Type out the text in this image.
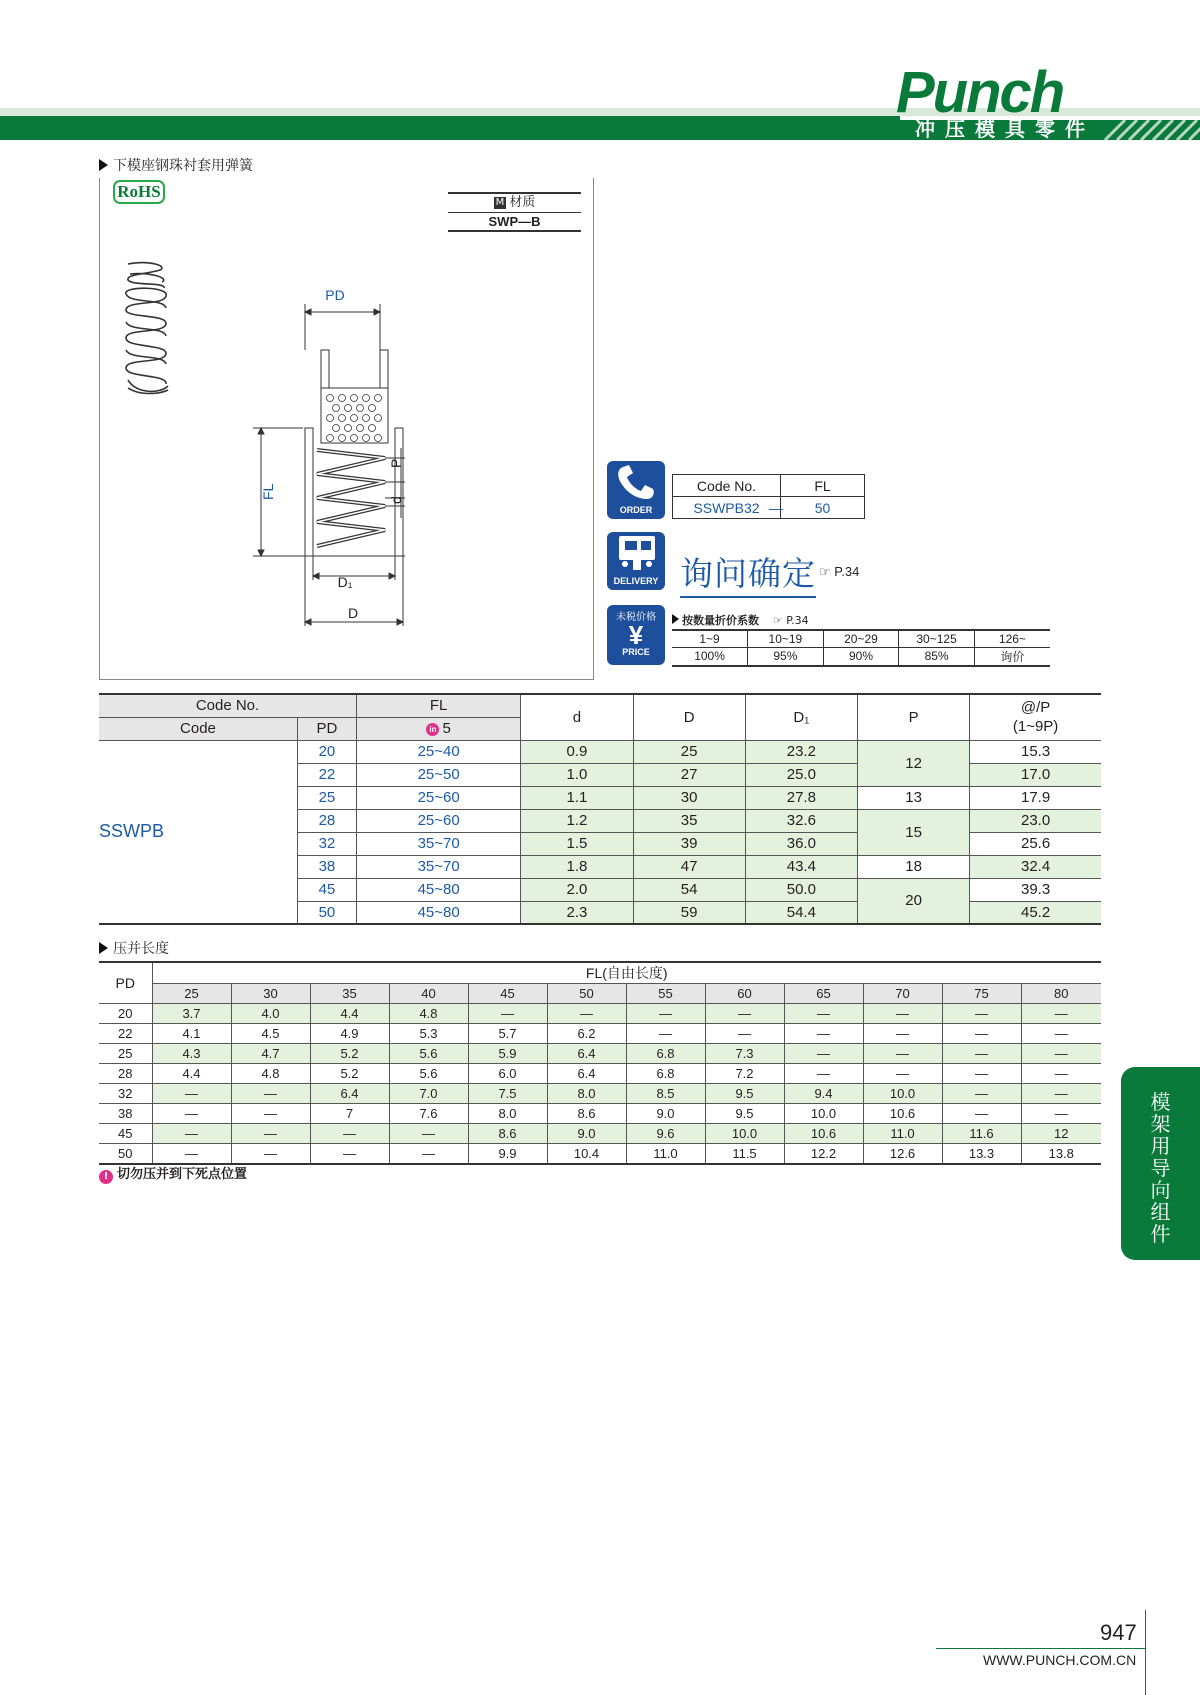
Punch
冲压模具零件
下模座钢珠衬套用弹簧
RoHS
M 材质
SWP—B
PD
FL
P
d
D₁
D
ORDER
Code No.	FL
SSWPB32	— 50
DELIVERY 询问确定 ☞ P.34
未税价格
¥
PRICE
按数量折价系数 ☞ P.34
1~9	10~19	20~29	30~125	126~
100%	95%	90%	85%	询价
Code No.		FL	d	D	D₁	P	@/P
(1~9P)
Code	PD	in 5					
SSWPB	20	25~40	0.9	25	23.2	12	15.3
	22	25~50	1.0	27	25.0		17.0
	25	25~60	1.1	30	27.8	13	17.9
	28	25~60	1.2	35	32.6	15	23.0
	32	35~70	1.5	39	36.0		25.6
	38	35~70	1.8	47	43.4	18	32.4
	45	45~80	2.0	54	50.0	20	39.3
	50	45~80	2.3	59	54.4		45.2
压并长度
PD	FL(自由长度)											
	25	30	35	40	45	50	55	60	65	70	75	80
20	3.7	4.0	4.4	4.8	—	—	—	—	—	—	—	—
22	4.1	4.5	4.9	5.3	5.7	6.2	—	—	—	—	—	—
25	4.3	4.7	5.2	5.6	5.9	6.4	6.8	7.3	—	—	—	—
28	4.4	4.8	5.2	5.6	6.0	6.4	6.8	7.2	—	—	—	—
32	—	—	6.4	7.0	7.5	8.0	8.5	9.5	9.4	10.0	—	—
38	—	—	7	7.6	8.0	8.6	9.0	9.5	10.0	10.6	—	—
45	—	—	—	—	8.6	9.0	9.6	10.0	10.6	11.0	11.6	12
50	—	—	—	—	9.9	10.4	11.0	11.5	12.2	12.6	13.3	13.8
! 切勿压并到下死点位置
模
架
用
导
向
组
件
947
WWW.PUNCH.COM.CN
